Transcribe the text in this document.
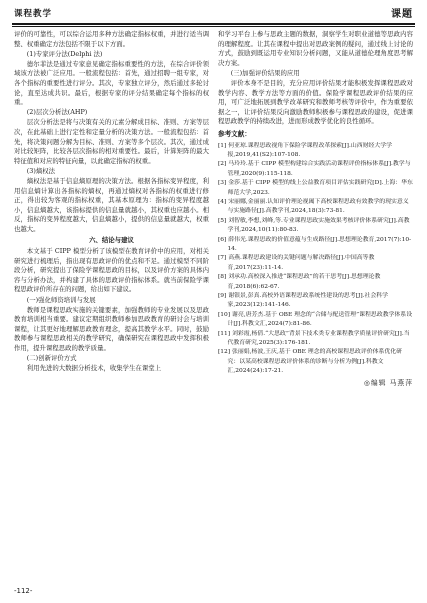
课程教学	课题
评价的可靠性，可以综合运用多种方法确定指标权重，并进行适当调整、权重确定方法包括不限于以下方面。
(1)专家评分法(Delphi 法)
德尔菲法是通过专家意见确定指标重要性的方法，在综合评价领域该方法被广泛应用。一般流程包括：首先，通过招聘一组专家，对各个指标的重要性进行评分。其次，专家独立评分，然后通过多轮讨论，直至达成共识。最后，根据专家的评分结果确定每个指标的权重。
(2)层次分析法(AHP)
层次分析法是将与决策有关的元素分解成目标、准则、方案等层次，在此基础上进行定性和定量分析的决策方法。一般流程包括：首先，将决策问题分解为目标、准则、方案等多个层次。其次，通过成对比较矩阵，比较各层次指标的相对重要性。最后，计算矩阵的最大特征值和对应的特征向量，以此确定指标的权重。
(3)熵权法
熵权法是基于信息熵原理的决策方法。根据各指标变异程度，利用信息熵计算出各指标的熵权，再通过熵权对各指标的权重进行修正，得出较为客观的指标权重，其基本原理为：指标的变异程度越小，信息熵越大，该指标提供的信息量就越小，其权重也应越小。相反，指标的变异程度越大，信息熵越小，提供的信息量就越大，权重也越大。
六、结论与建议
本文基于 CIPP 模型分析了该模型在教育评价中的应用，对相关研究进行梳理后，指出现有思政评价的优点和不足。通过模型不同阶段分析，研究提出了保险学课程思政的目标，以及评价方案的具体内容与分析办法，并构建了具体的思政评价指标体系。就当前保险学课程思政评价所存在的问题，给出如下建议。
(一)强化师资培训与发展
教师是课程思政实施的关键要素，加强教师的专业发展以及思政教育培训相当重要。建议定期组织教师参加思政教育的研讨会与培训课程，让其更好地理解思政教育理念，提高其教学水平。同时，鼓励教师参与课程思政相关的教学研究，确保研究在课程思政中发挥积极作用，提升课程思政的教学质量。
(二)创新评价方式
利用先进的大数据分析技术，收集学生在课堂上
和学习平台上参与思政主题的数据，洞察学生对职业道德等思政内容的理解程度。让其在课程中提出对思政案例的疑问，通过线上讨论的方式，鼓励到既运用专业知识分析问题，又能从道德伦理角度思考解决方案。
(三)加强评价结果的应用
评价本身不是目的，充分应用评价结果才能积极发挥课程思政对教学内容、教学方法等方面的价值。保险学课程思政评价结果的应用，可广泛地拓展到教学改革研究和教师考核等评价中，作为重要依据之一，让评价结果反向激励教师积极参与课程思政的建设，促进课程思政教学的持续改进，进而形成教学优化的良性循环。
参考文献：
[1] 何亚琼.课程思政视角下保险学课程改革探索[J].山西财经大学学报,2019,41(S2):107-108.
[2] 马玲玲.基于 CIPP 模型构建综合实践活动课程评价指标体系[J].教学与管理,2020(9):115-118.
[3] 金莎.基于 CIPP 模型的线上公益教育项目评估实践研究[D].上海：华东师范大学,2023.
[4] 宋丽娜,金丽丽.认知评价理论视阈下高校课程思政有效教学的现实意义与实施路径[J].高教学刊,2024,18(3):73-81.
[5] 刘智敏,李想,刘峰,等.专业课程思政实施效果考核评价体系研究[J].高教学刊,2024,10(11):80-83.
[6] 薛伟光.课程思政的价值意蕴与生成路径[J].思想理论教育,2017(7):10-14.
[7] 高燕.课程思政建设的关键问题与解决路径[J].中国高等教育,2017(23):11-14.
[8] 刘承功.高校深入推进“课程思政”的若干思考[J].思想理论教育,2018(6):62-67.
[9] 谢银景,彭真.高校外语课程思政系统性建设的思考[J].社会科学家,2023(12):141-146.
[10] 谢亮,唐芳杰.基于 OBE 理念的“合储与配送管理”课程思政教学体系设计[J].科教文汇,2024(7):81-86.
[11] 刘彩霞,杨倩.“大思政”背景下技术类专业课程教学质量评价研究[J].当代教育研究,2025(3):176-181.
[12] 张丽娟,杨波,王庆,基于 OBE 理念的高校课程思政评价体系优化研究：以某高校课程思政评价体系的诊断与分析为例[J].科教文汇,2024(24):17-21.
◎编辑 马燕萍
-112-
